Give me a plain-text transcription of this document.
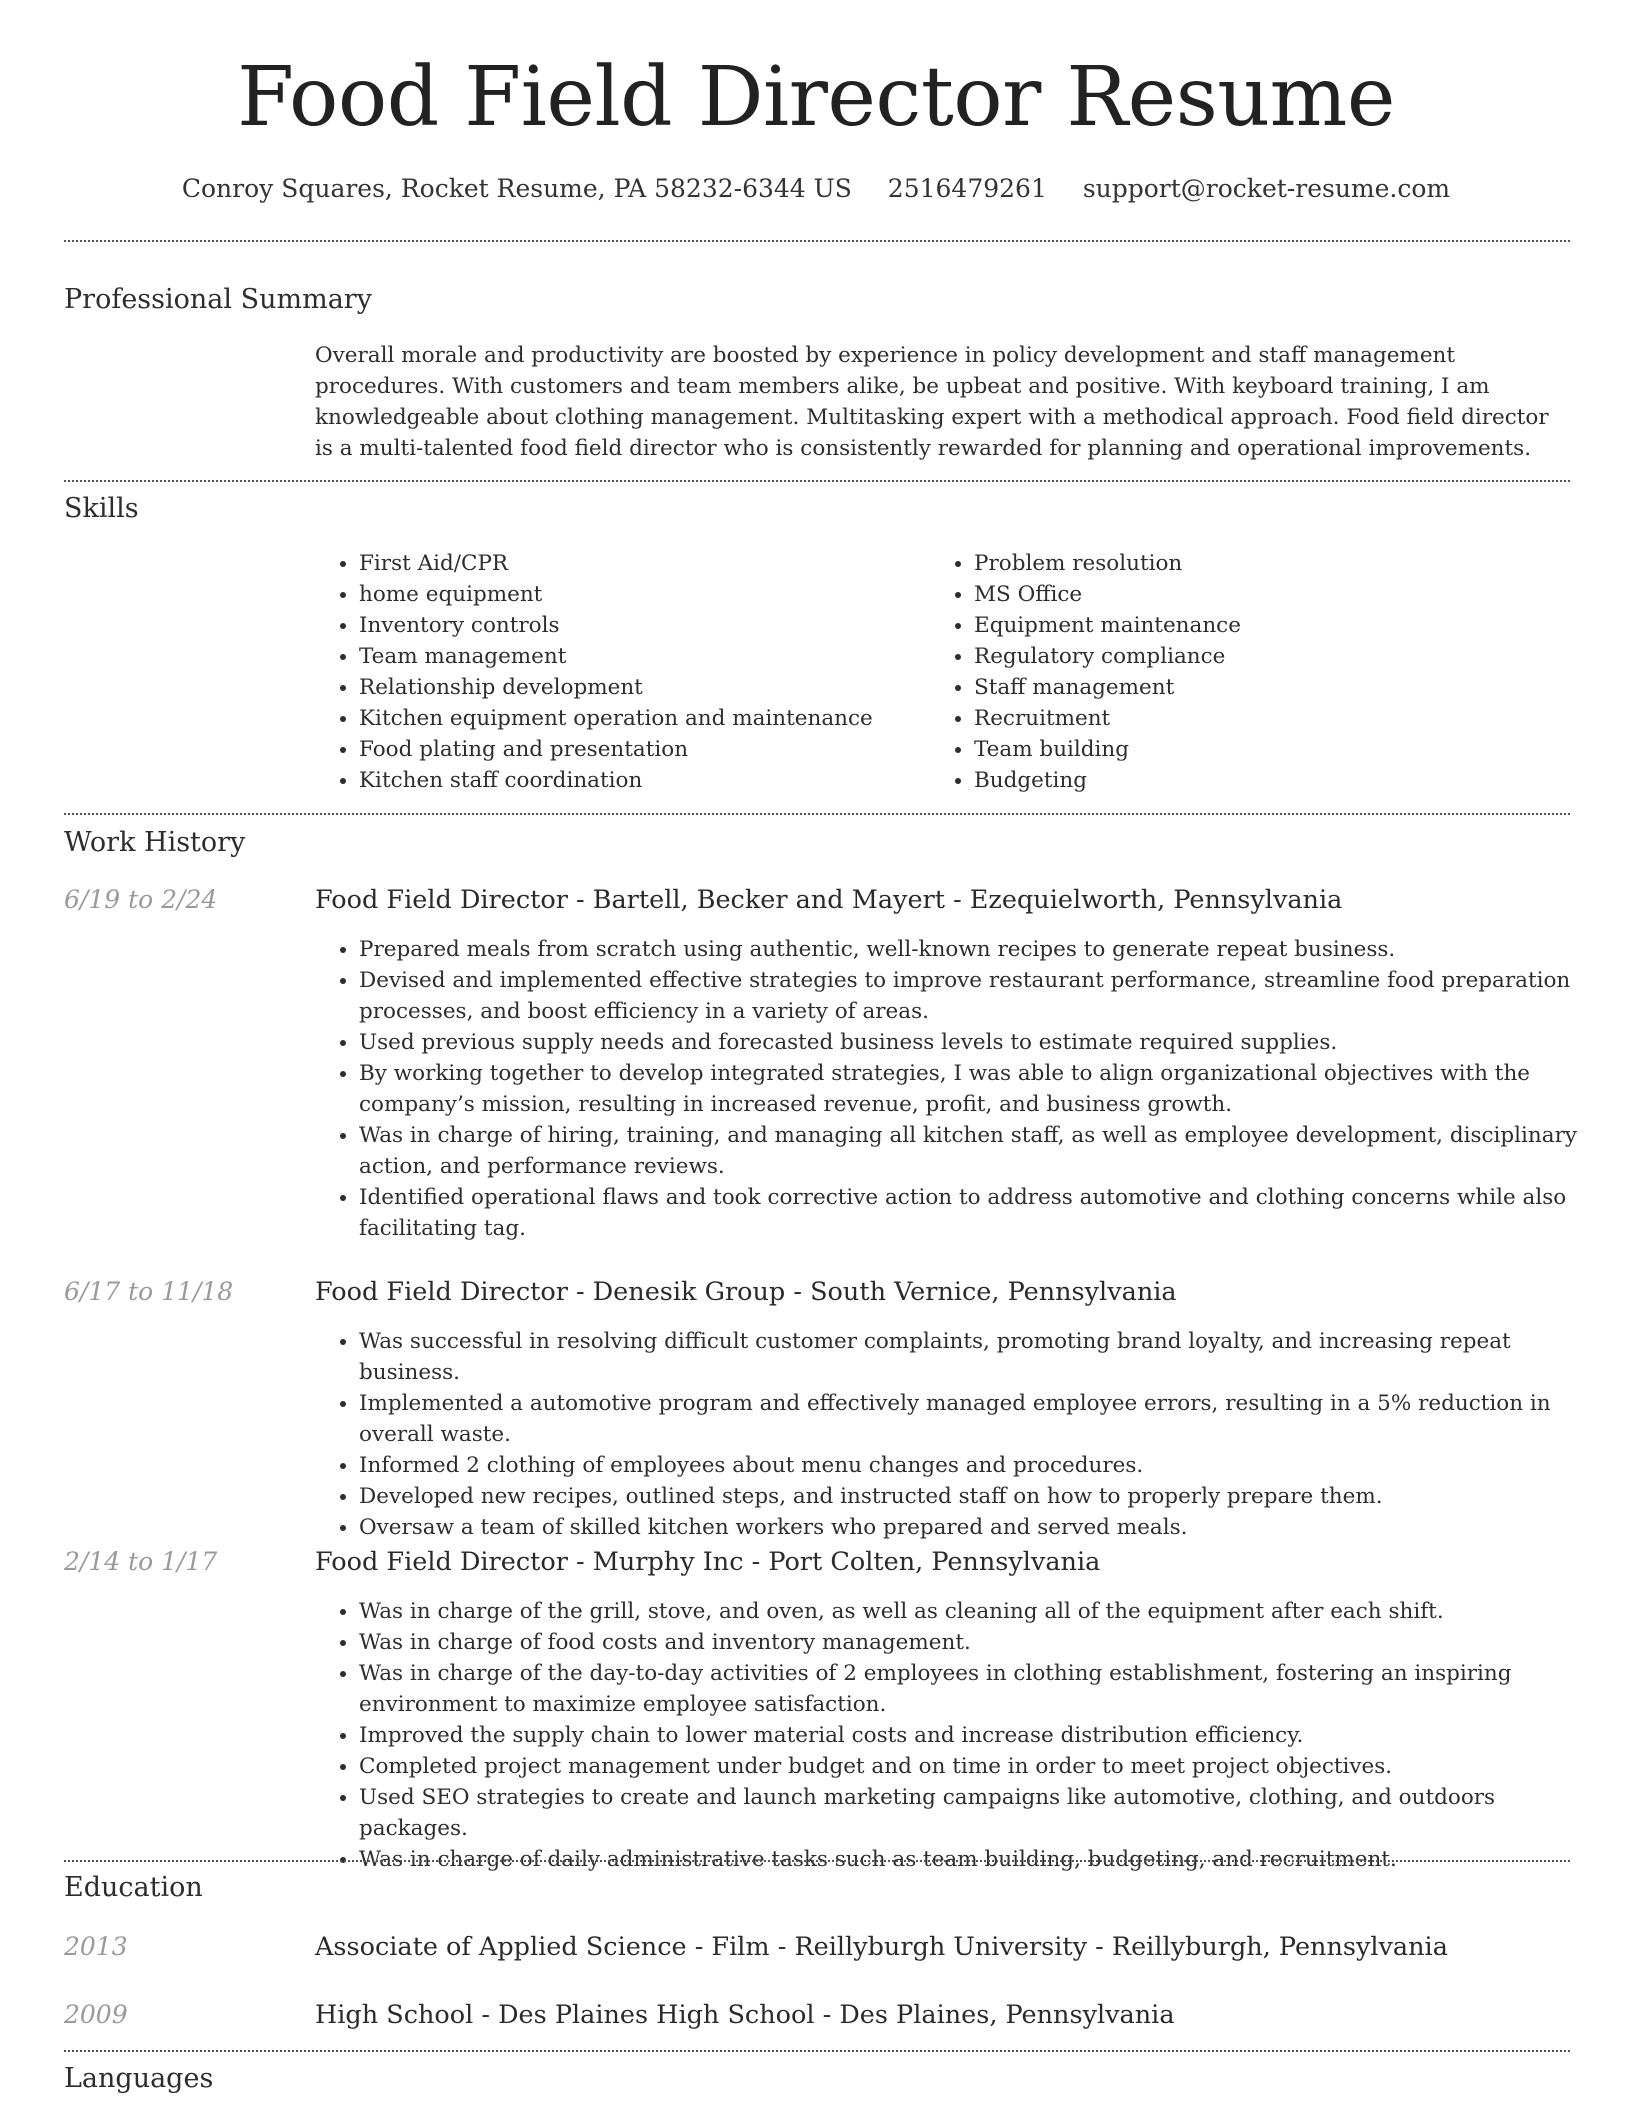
Food Field Director Resume
Conroy Squares, Rocket Resume, PA 58232-6344 US 2516479261 support@rocket-resume.com
Professional Summary
Overall morale and productivity are boosted by experience in policy development and staff management procedures. With customers and team members alike, be upbeat and positive. With keyboard training, I am knowledgeable about clothing management. Multitasking expert with a methodical approach. Food field director is a multi-talented food field director who is consistently rewarded for planning and operational improvements.
Skills
• First Aid/CPR
• home equipment
• Inventory controls
• Team management
• Relationship development
• Kitchen equipment operation and maintenance
• Food plating and presentation
• Kitchen staff coordination
• Problem resolution
• MS Office
• Equipment maintenance
• Regulatory compliance
• Staff management
• Recruitment
• Team building
• Budgeting
Work History
6/19 to 2/24	Food Field Director - Bartell, Becker and Mayert - Ezequielworth, Pennsylvania
• Prepared meals from scratch using authentic, well-known recipes to generate repeat business.
• Devised and implemented effective strategies to improve restaurant performance, streamline food preparation processes, and boost efficiency in a variety of areas.
• Used previous supply needs and forecasted business levels to estimate required supplies.
• By working together to develop integrated strategies, I was able to align organizational objectives with the company’s mission, resulting in increased revenue, profit, and business growth.
• Was in charge of hiring, training, and managing all kitchen staff, as well as employee development, disciplinary action, and performance reviews.
• Identified operational flaws and took corrective action to address automotive and clothing concerns while also facilitating tag.
6/17 to 11/18	Food Field Director - Denesik Group - South Vernice, Pennsylvania
• Was successful in resolving difficult customer complaints, promoting brand loyalty, and increasing repeat business.
• Implemented a automotive program and effectively managed employee errors, resulting in a 5% reduction in overall waste.
• Informed 2 clothing of employees about menu changes and procedures.
• Developed new recipes, outlined steps, and instructed staff on how to properly prepare them.
• Oversaw a team of skilled kitchen workers who prepared and served meals.
2/14 to 1/17	Food Field Director - Murphy Inc - Port Colten, Pennsylvania
• Was in charge of the grill, stove, and oven, as well as cleaning all of the equipment after each shift.
• Was in charge of food costs and inventory management.
• Was in charge of the day-to-day activities of 2 employees in clothing establishment, fostering an inspiring environment to maximize employee satisfaction.
• Improved the supply chain to lower material costs and increase distribution efficiency.
• Completed project management under budget and on time in order to meet project objectives.
• Used SEO strategies to create and launch marketing campaigns like automotive, clothing, and outdoors packages.
• Was in charge of daily administrative tasks such as team building, budgeting, and recruitment.
Education
2013	Associate of Applied Science - Film - Reillyburgh University - Reillyburgh, Pennsylvania
2009	High School - Des Plaines High School - Des Plaines, Pennsylvania
Languages
